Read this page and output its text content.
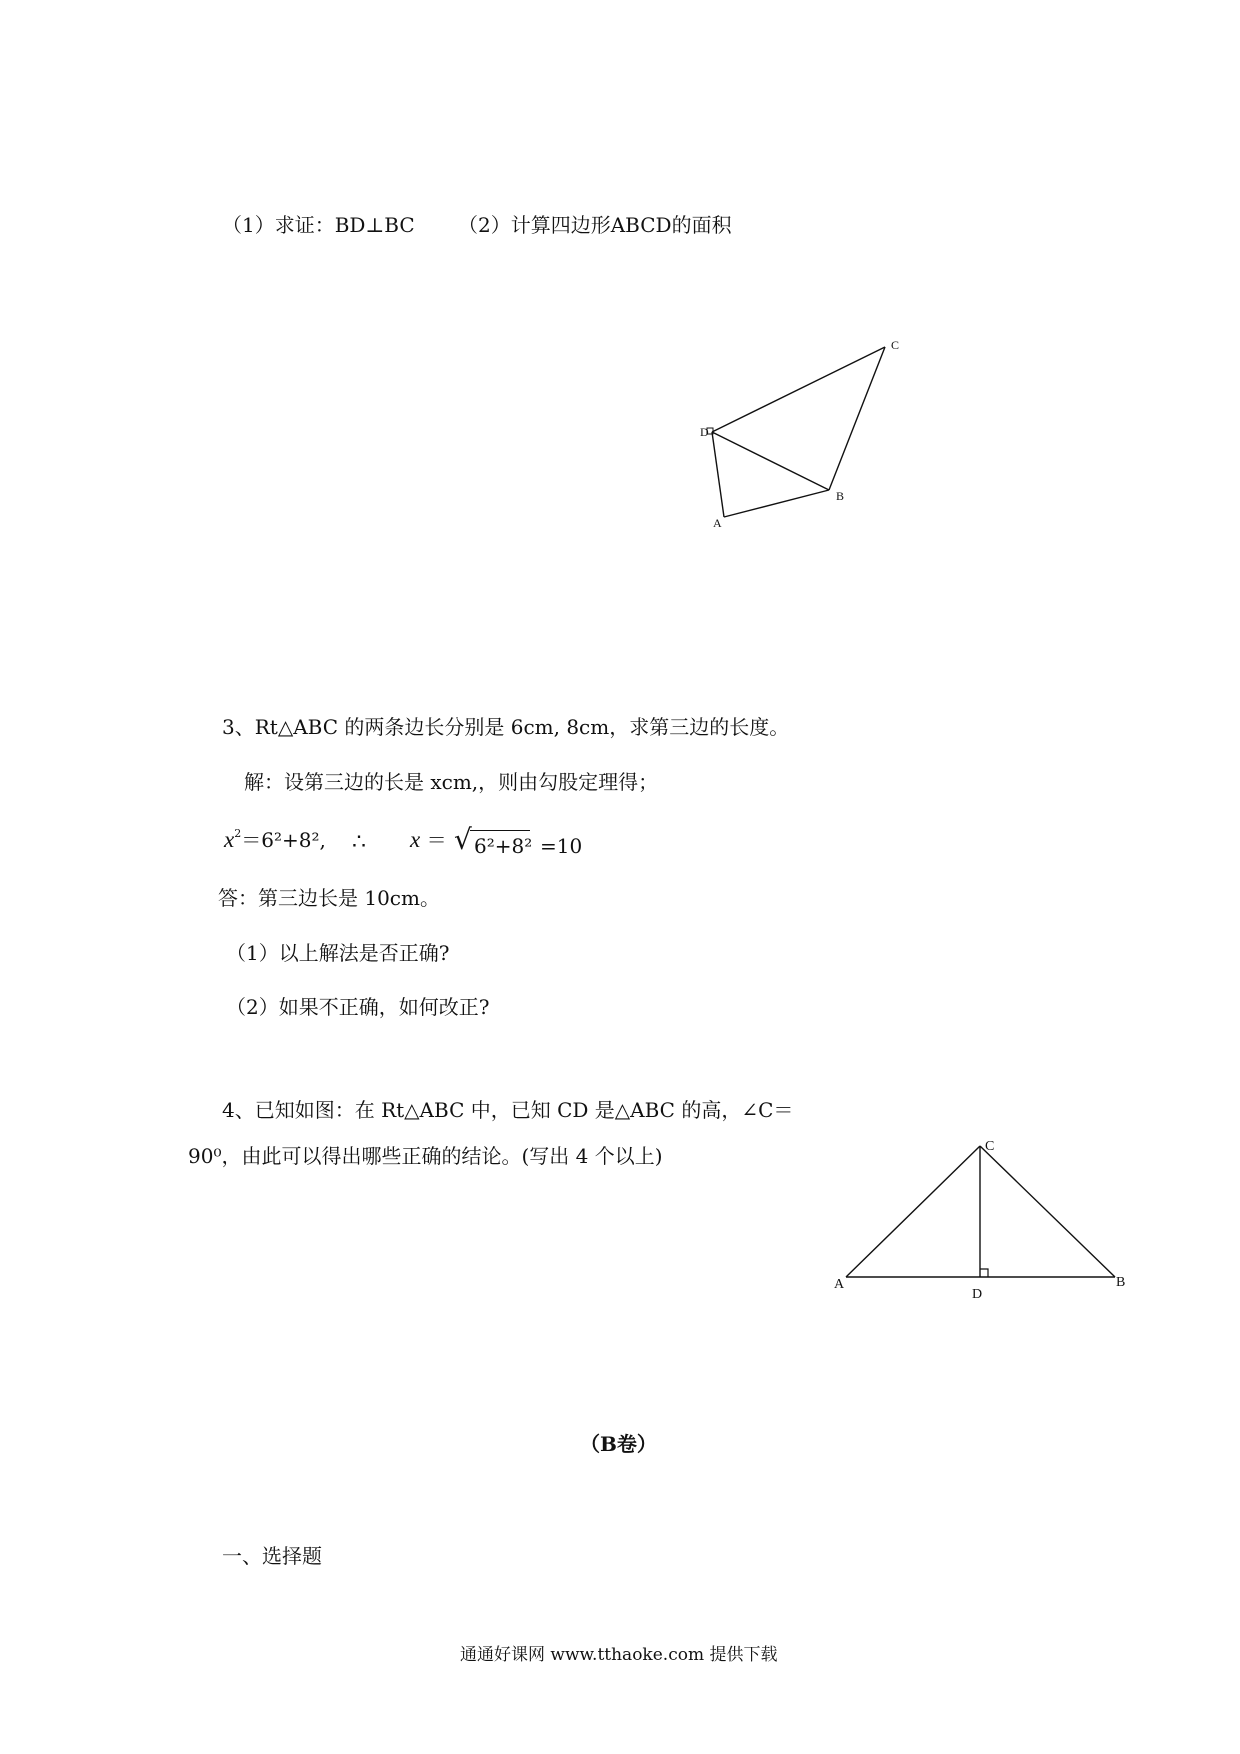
（1）求证：BD⊥BC （2）计算四边形ABCD的面积
C
D
B
A
3、Rt△ABC 的两条边长分别是 6cm, 8cm，求第三边的长度。
解：设第三边的长是 xcm,，则由勾股定理得；
$x^2=6^2+8^2$, ∴ x ＝ √ 6²+8² =10
答：第三边长是 10cm。
（1）以上解法是否正确?
（2）如果不正确，如何改正?
4、已知如图：在 Rt△ABC 中，已知 CD 是△ABC 的高，∠C＝
90⁰，由此可以得出哪些正确的结论。(写出 4 个以上)	C
A	B
D
（B卷）
一、选择题
通通好课网 www.tthaoke.com 提供下载
